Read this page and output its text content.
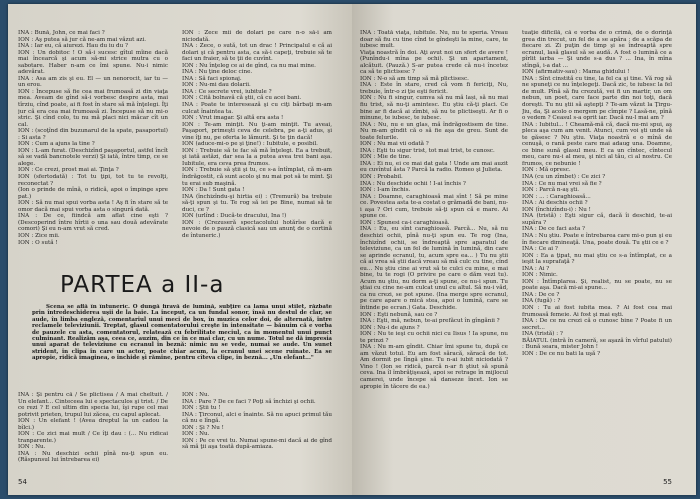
INA : Bună, John, ce mai faci ?

ION : Aş putea să jur că ne-am mai văzut azi.

INA : Iar eu, că aiurezi. Hau du iu du ?

ION : Un dobitoc ! O să-i sucesc gîtul mîine dacă mai încearcă şi acum să-mi strice mutra cu o sabotare. Haber n-am ce îmi spune. Nu-i nimic adevărat.

INA : Asa am zis şi eu. El — un nenorocit, iar tu — un erou.

ION : Începuse să fie cea mai frumoasă zi din viaţa mea. Aveam de gînd să-i vorbesc despre asta, mai tîrziu, cînd poate, ai fi fost în stare să mă înţelegi. Îţi jur că era cea mai frumoasă zi. Începuse să nu mi-o stric. Şi cînd colo, tu nu mă placi nici măcar cît un cal.

ION : (scoţînd din buzunarul de la spate, pasaportul) : Si asta ?

ION : Cum a ajuns la tine ?

ION : L-am furat. (Deschizînd paşaportul, astfel încît să se vadă bancnotele verzi) Şi iată, între timp, ce se alege.

ION : Ce crezi, prost mai ai. Ţinţa ?

ION (sfertodată) : Tot tu ţipi, tot tu te revolţi, reconectat ?

(Ion o prinde de mînă, o ridică, apoi o împinge spre pat.)

ION : Să nu mai spui vorba asta ! Aş fi în stare să te omor dacă mai spui vorba asta o singură dată.

INA : De ce, fiindcă am aflat cine eşti ? (Descoperind între hîrtii o una sau două adevărate comori) Şi eu n-am vrut să cred.

ION : Zice mii.

ION : O sută !

ION : Zece mii de dolari pe care n-o să-i am niciodată.

INA : Zece, o sută, tot un drac ! Principalul e că ai dolari şi că pentru asta, ca să-i capeţi, trebuie să te faci un fraier, să te ţii de cuvînt.

ION : Nu înţeleg ce ai de gînd, ca nu mai mine.

INA : Nu ţine deloc cine.

INA : Să faci spionaj.

ION : Nu-mi dau dolarii.

INA : Ce secrete vrei, iubitule ?

ION : Cită bolnavă că ştii, că cu acei bani.

INA : Poate te interesează şi cu ciţi bărbaţi m-am culcat înaintea ta.

ION : Vrut imagar. Şi altă era asta !

ION : Te-am minţit. Nu ţi-am minţit. Tu aveai, Paşaport, primeşti ceva de celebra, pe a-ţi adus, şi vine îţi nu, pe oferta le lămurit. Şi te ţin dacă!

ION (aduce-mi-o pe şi ţine!) : Iubitule, e posibil.

ION : Trebuie să te fac să mă înţelegi. Ea a trebuit, şi iată astăzi, dar sea la a putea avea trei bani aşa. Iubitule, era ceva prea frumos.

ION : Trebuie să ştii şi tu, ce s-a întîmplat, că m-am îndrăgostit, că sunt acolo şi nu mai pot să te mint. Şi tu erai sub maşină.

ION : Da ! Sunt gata !

INA (închizîndu-şi hirtia ei) : (Tremură) ba trebuie să-ţi spun şi tu. Te rog să iei pe Bine, numai să te duci, ce ?

ION (urlînd : Ducă-te dracului, Ina !)

ION : (Crezuseră spectacolului hotărîse dacă e nevoie de o pauză clasică sau un anunţ de o cortină de întuneric.)

PARTEA a II-a
Scena se află în întuneric. O dungă firavă de lumină, subţire ca lama unui stilet, răzbate prin întredeschiderea uşii de la baie. La început, ca un fundal sonor, însă nu destul de clar, se aude, în limba engleză, comentariul unui meci de box, în muzica celor doi, de alternată, între reclamele televiziunii. Treptat, glasul comentatorului creşte în intensitate — bănuim că e vorba de pauzele cu asta, comentatorul, relatează cu febrilitate meciul, ca în momentul unui punct culminant. Realizăm aşa, ceea ce, auzim, din ce în ce mai clar, cu un nume. Totul ne dă impresia unui aparat de televiziune cu ecranul în beznă: nimic nu se vede, numai se aude. Un sunet strident, în clipa în care un actor, poate chiar acum, la ecranul unei scene ruinate. Ea se apropie, ridică imaginea, o închide şi rămîne, pentru cîteva clipe, în beznă... „Un elefant..."

INA : Şi pentru că / Se plictisea / A mai cheltuit. / Un elefant... Cinteceea lui e spectaculos şi trist. / De ce rezi ? E cel ultim din specia lui, îşi rupe cel mai potrivit prieten, trupul lui zăcea, cu capul aplecat.

ION : Un elefant ! (Avea dreptul la un cadou la bîlci.)

ION : Ce zici mai mult / Ce îţi dau : (... Nu ridicai tranparente.)

ION : Nu.

INA : Nu deschizi ochii pînă nu-ţi spun eu. (Răspunsul lui întrebarea ei)

ION : Nu.

INA : Pare ? De ce faci ? Poţi să închizi şi ochii.

ION : Ştii tu !

INA : Ţirconul, alci e înainte. Să nu apuci primul tău că nu e lîngă.

ION : Şi ? Nu !

ION : Nu.

ION : Pe ce vrei tu. Numai spune-mi dacă ai de gînd să mă ţii aşa toată după-amiaza.

54

INA : Toată viaţa, iubitule. Nu, nu te speria. Vreau doar să fiu cu tine cînd te gîndeşti la mine, care, te iubesc mult.

Viaţa noastră în doi. Aţi avut noi un sfert de avere ! (Punîndu-i mîna pe ochi). Şi un apartament, alcătuit. (Pauză.) S-ar putea crede că nu-i încetez ca să te plictisesc ?

ION : N-o să am timp să mă plictisesc.

INA : Este în stare, cred că vom fi fericiţi, Nu, trebuie, într-o zi ţie eşti fericit.

ION : Nu fi singur, cumva să nu mă lași, să nu mai fiu trist, să nu-ţi amintesc. Eu ştiu că-ţi placi. Ce bine ar fi dacă ai zîmbi, să nu te plictiseşti. Ar fi o minune, te iubesc, te iubesc.

INA : Nu, nu e un glas, mă îndrăgostisem de tine. Nu m-am gîndit că o să fie aşa de greu. Sunt de toate felurile.

ION : Nu mai vii odată ?

INA : Eşti tu sigur trist, tot mai trist, te cunosc.

ION : Mie de tine.

INA : Ei nu, ei ce mai dat gata ! Unde am mai auzit eu cuvîntul ăsta ? Parcă la radio. Romeo şi Julieta.

ION : Probabil.

INA : Nu deschide ochii ! I-ai închis ?

ION : I-am închis.

INA : Doamne, caraghioasă mai sînt ! Să pe mine ce. Povestea asta te-a costat o grămadă de bani, nu-i aşa ? Ori cum, trebuie să-ţi spun că e mare. Ai spune ce.

ION : Spunesi ca-i caraghioasă.

INA : Eu, eu sînt caraghioasă. Parcă... Nu, să nu deschizi ochii, pînă nu-ţi spun eu. Te rog (Ina, închizînd ochii, se îndreaptă spre aparatul de televiziune, ca un fel de lumină în lumină, din care se aprinde ecranul, tu, acum spre ea... ) Tu nu ştii că ai vrea să ştii dacă vreau să mă culc cu tine, cînd eu... Nu ştiu cine ai vrut să te culci cu mine, e mai bine, tu te rogi (O privire pe care o dăm vezi tu). Acum nu ştiu, nu dorm a-ţi spune, ce nu-i spun. Tu ştiai cu cine ne-am culcat unul cu altul. Să nu-i văd, ca nu crezi, se pot spune. (Ina merge spre ecranul, pe care apare o mică stea, apoi o lumină, care se întinde pe ecran.) Gata. Deschide.

ION : Eşti nebună, sau ce ?

INA : Eşti, mă, nebun, te-ai prefăcut în gîngănii ?

ION : Nu-i de ajuns ?

ION : Nu te ieşi cu ochii nici cu Iisus ! Ia spune, nu te prinzi ?

INA : Nu m-am gîndit. Chiar îmi spune tu, după ce am văzut totul. Eu am fost săracă, săracă de tot. Am dormit pe lîngă şine. Tu n-ai iubit niciodată ? Vino ! (Ion se ridică, parcă n-ar fi ştiut să spună ceva. Ina îl îmbrăţişează, apoi se retrage în mijlocul camerei, unde începe să danseze încet. Ion se apropie în tăcere de ea.)

tuaţie dificilă, că e vorba de o crimă, de o dorinţă grea din trecut, un fel de a se apăra ; de a scăpa de fiecare zi. Zi puţin de timp şi se îndreaptă spre ecranul, lasă glasul să se audă. A fost o lumină ce a pîrlit iarba — Şi unde s-a dus ? ... Ina, în mîna stîngă, i-a dat ...

ION (afirmativ-sau) : Mama ghidului !

INA : Sînt cinstită cu tine, la fel ca şi tine. Vă rog să ne spuneţi ce nu înţelegeţi. Dacă zic, te iubesc la fel de mult. Pînă să fiu crezută, vei fi un martir, un om nebun, un poet, care face parte din noi toţi, dacă doreşti. Tu nu ştii să aştepţi ? Te-am văzut la Ţirgu-Jiu, da, Şi acolo o mergem pe cîmpie ? Lasă-ne, pînă o vedem ? Ceasul s-a oprit iar. Dacă nu-l mai am ?

INA : Iubitul... ! Cheamă-mă că, dacă nu-mi spui, aş pleca aşa cum am venit. Atunci, cum voi şti unde să te găsesc ? Nu ştiu. Viaţa noastră e o mînă de cenuşă, o rană peste care mai adaug una. Doamne, ce bine sună glasul meu. E ca un cîntec, cîntecul meu, care nu-i al meu, şi nici al tău, ci al nostru. Ce frumos, ce nebunie !

ION : Mă opresc.

INA (cu un zîmbet) : Ce zici ?

INA : Ce nu mai vrei să fie ?

ION : Parcă n-aş şti.

ION : ... : Caraghioasă...

INA : Ai deschis ochii ?

ION (închizîndu-i) : Nu !

INA (tristă) : Eşti sigur că, dacă îi deschid, te-ai supăra ?

INA : De ce faci asta ?

INA : Nu ştiu. Poate e întrebarea care mi-o pun şi eu în fiecare dimineaţă. Una, poate două. Tu ştii ce e ?

INA : Ce ai ?

ION : Ea a ţipat, nu mai ştiu ce s-a întîmplat, ce a ieşit la suprafaţă ?

INA : Ai ?

ION : Nimic.

ION : Întîmplarea. Şi, realist, nu se poate, nu se poate aşa. Dacă mi-ai spune...

INA : De ce ?

INA (fugă) : ?

ION : Tu ai fost iubita mea. ? Ai fost cea mai frumoasă femeie. Ai fost şi mai eşti.

INA : De ce nu crezi că o cunosc bine ? Poate fi un secret...

INA (tristă) : ?

BĂIATUL (intră în cameră, se aşază în vîrful patului) : Bună seara, mister John !

ION : De ce nu bati la uşă ?

55
